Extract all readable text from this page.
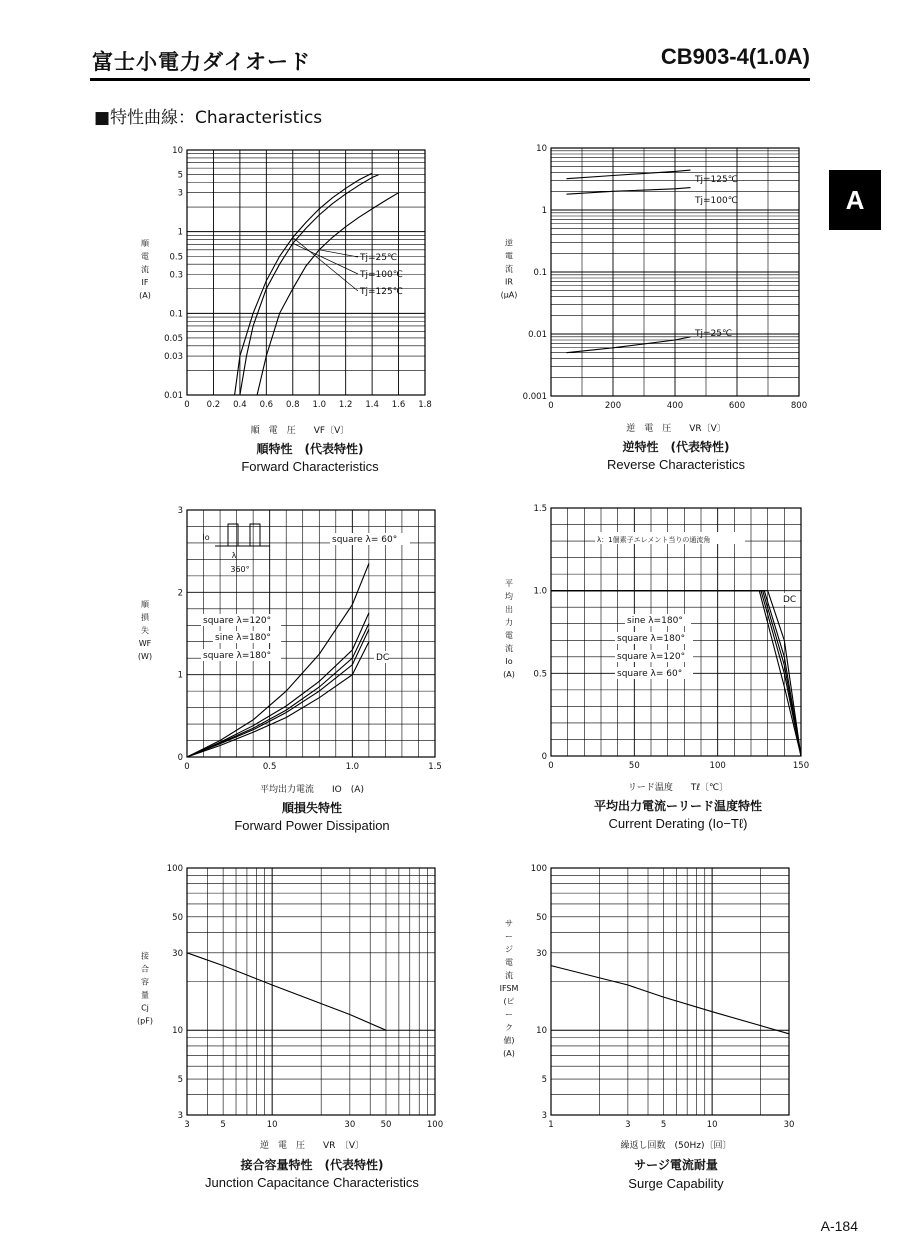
富士小電力ダイオード	CB903-4(1.0A)
■特性曲線：Characteristics
A
A-184
0 0.2 0.4 0.6 0.8 1.0 1.2 1.4 1.6 1.8
10
5
3
1
0.5
0.3
0.1
0.05
0.03
0.01
順
電
流
IF
(A)
Tj=25℃
Tj=100℃
Tj=125℃
順　電　圧　　VF〔V〕
順特性　(代表特性)
Forward Characteristics
0	200	400	600	800
10
1
0.1
0.01
0.001
逆
電
流
IR
(μA)
Tj=125℃
Tj=100℃
Tj=25℃
逆　電　圧　　VR〔V〕
逆特性　(代表特性)
Reverse Characteristics
0	0.5	1.0	1.5
3
2
1
0
順
損
失
WF
(W)
square λ= 60°
square λ=120°
sine λ=180°
square λ=180°	DC
Io
λ
360°
平均出力電流　　IO　(A)
順損失特性
Forward Power Dissipation
0	50	100	150
1.5
1.0
0.5
0
平
均
出
力
電
流
Io
(A)
λ：1個素子エレメント当りの通流角
DC
sine λ=180°
square λ=180°
square λ=120°
square λ= 60°
リード温度　　Tℓ〔℃〕
平均出力電流ーリード温度特性
Current Derating (Io−Tℓ)
3	5	10	30	50	100
100
50
30
10
5
3
接
合
容
量
Cj
(pF)
逆　電　圧　　VR　〔V〕
接合容量特性　(代表特性)
Junction Capacitance Characteristics
1	3	5	10	30
100
50
30
10
5
3
サ
ー
ジ
電
流
IFSM
(ピ
ー
ク
値)
(A)
繰返し回数　(50Hz)〔回〕
サージ電流耐量
Surge Capability
